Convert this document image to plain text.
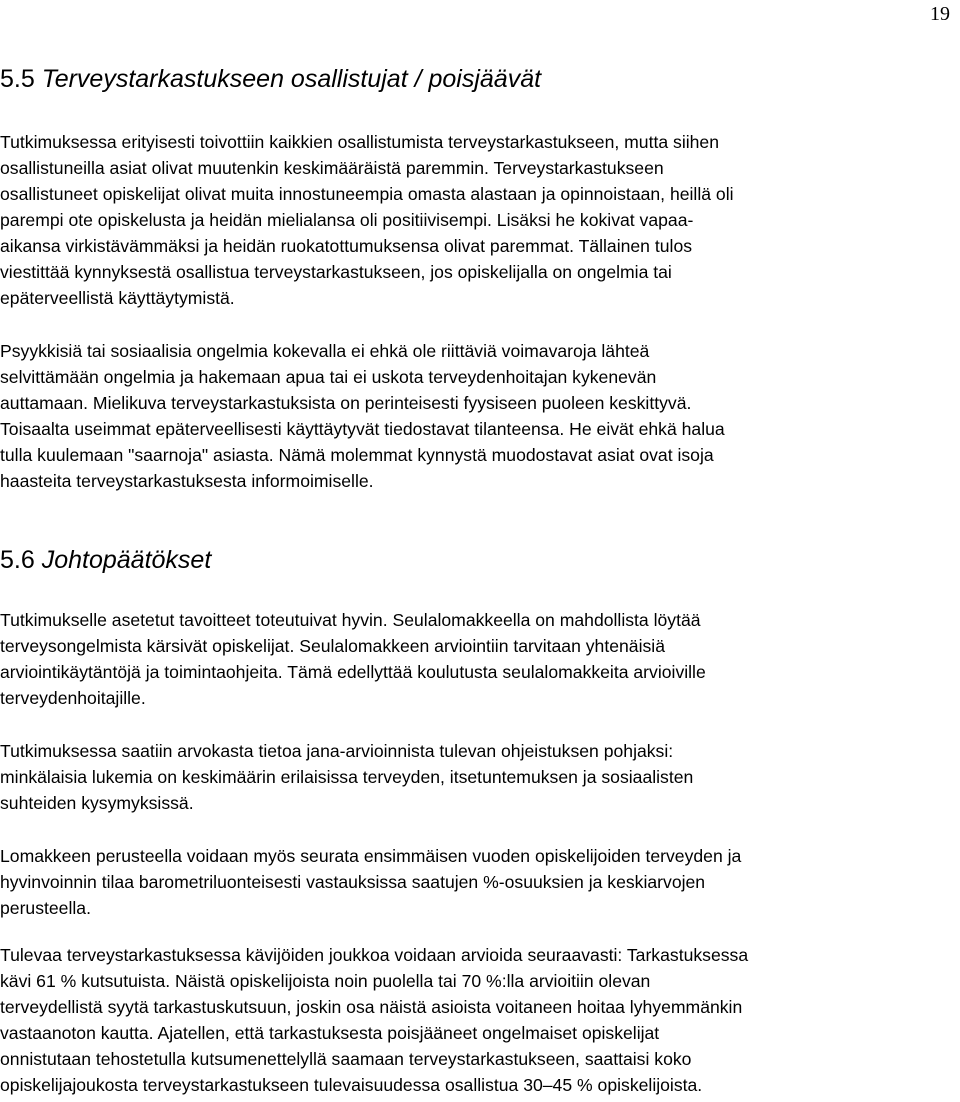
19
5.5 Terveystarkastukseen osallistujat / poisjäävät
Tutkimuksessa erityisesti toivottiin kaikkien osallistumista terveystarkastukseen, mutta siihen
osallistuneilla asiat olivat muutenkin keskimääräistä paremmin. Terveystarkastukseen
osallistuneet opiskelijat olivat muita innostuneempia omasta alastaan ja opinnoistaan, heillä oli
parempi ote opiskelusta ja heidän mielialansa oli positiivisempi. Lisäksi he kokivat vapaa-
aikansa virkistävämmäksi ja heidän ruokatottumuksensa olivat paremmat. Tällainen tulos
viestittää kynnyksestä osallistua terveystarkastukseen, jos opiskelijalla on ongelmia tai
epäterveellistä käyttäytymistä.
Psyykkisiä tai sosiaalisia ongelmia kokevalla ei ehkä ole riittäviä voimavaroja lähteä
selvittämään ongelmia ja hakemaan apua tai ei uskota terveydenhoitajan kykenevän
auttamaan. Mielikuva terveystarkastuksista on perinteisesti fyysiseen puoleen keskittyvä.
Toisaalta useimmat epäterveellisesti käyttäytyvät tiedostavat tilanteensa. He eivät ehkä halua
tulla kuulemaan "saarnoja" asiasta. Nämä molemmat kynnystä muodostavat asiat ovat isoja
haasteita terveystarkastuksesta informoimiselle.
5.6 Johtopäätökset
Tutkimukselle asetetut tavoitteet toteutuivat hyvin. Seulalomakkeella on mahdollista löytää
terveysongelmista kärsivät opiskelijat. Seulalomakkeen arviointiin tarvitaan yhtenäisiä
arviointikäytäntöjä ja toimintaohjeita. Tämä edellyttää koulutusta seulalomakkeita arvioiville
terveydenhoitajille.
Tutkimuksessa saatiin arvokasta tietoa jana-arvioinnista tulevan ohjeistuksen pohjaksi:
minkälaisia lukemia on keskimäärin erilaisissa terveyden, itsetuntemuksen ja sosiaalisten
suhteiden kysymyksissä.
Lomakkeen perusteella voidaan myös seurata ensimmäisen vuoden opiskelijoiden terveyden ja
hyvinvoinnin tilaa barometriluonteisesti vastauksissa saatujen %-osuuksien ja keskiarvojen
perusteella.
Tulevaa terveystarkastuksessa kävijöiden joukkoa voidaan arvioida seuraavasti: Tarkastuksessa
kävi 61 % kutsutuista. Näistä opiskelijoista noin puolella tai 70 %:lla arvioitiin olevan
terveydellistä syytä tarkastuskutsuun, joskin osa näistä asioista voitaneen hoitaa lyhyemmänkin
vastaanoton kautta. Ajatellen, että tarkastuksesta poisjääneet ongelmaiset opiskelijat
onnistutaan tehostetulla kutsumenettelyllä saamaan terveystarkastukseen, saattaisi koko
opiskelijajoukosta terveystarkastukseen tulevaisuudessa osallistua 30–45 % opiskelijoista.
